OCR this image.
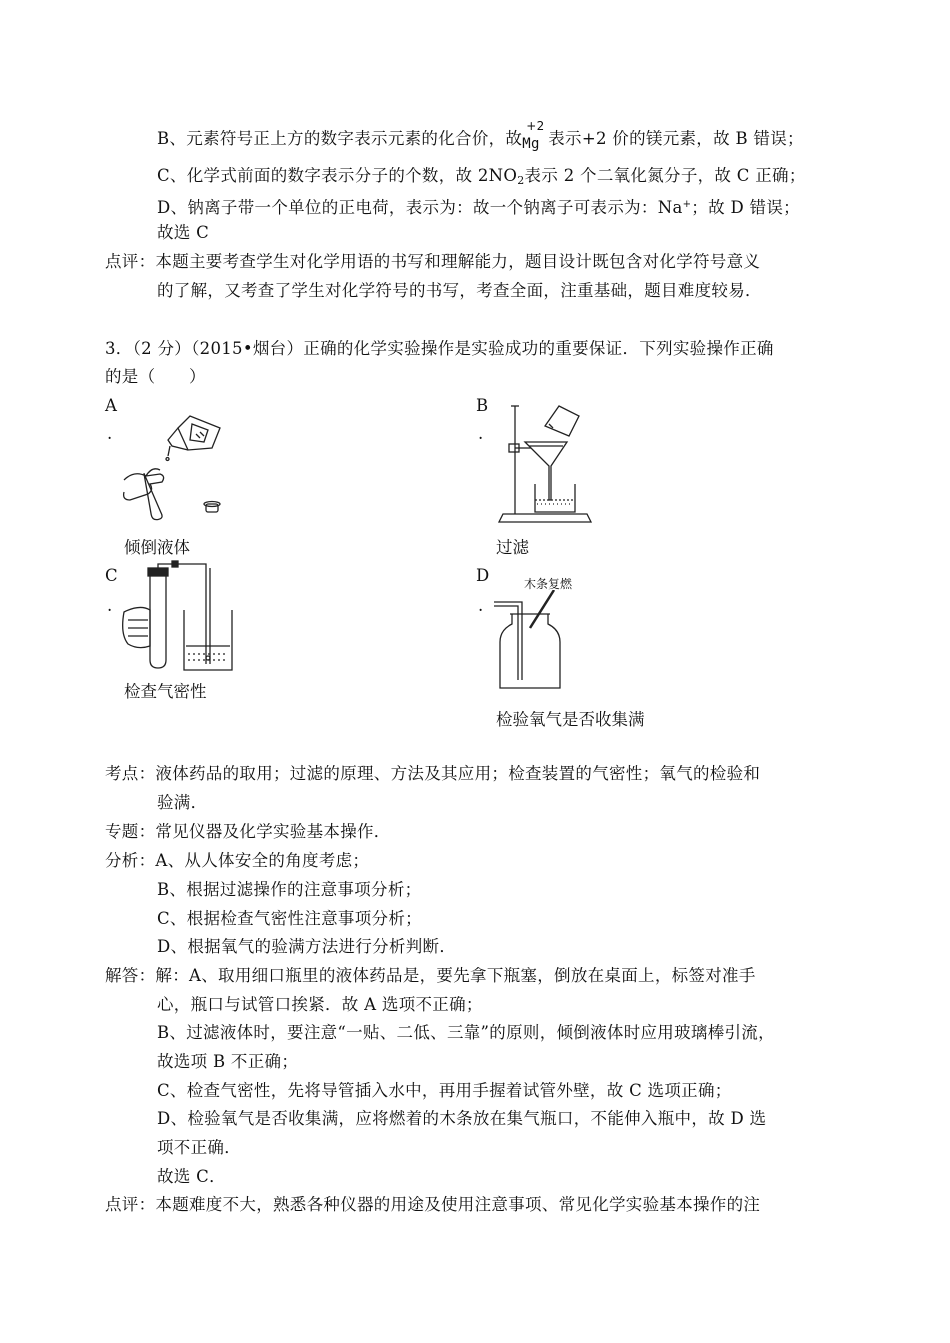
B、元素符号正上方的数字表示元素的化合价，故
+2
Mg 表示+2 价的镁元素，故 B 错误；
C、化学式前面的数字表示分子的个数，故 $2NO_2$表示 2 个二氧化氮分子，故 C 正确；
D、钠离子带一个单位的正电荷，表示为：故一个钠离子可表示为：Na+；故 D 错误；
故选 C
点评：本题主要考查学生对化学用语的书写和理解能力，题目设计既包含对化学符号意义
的了解，又考查了学生对化学符号的书写，考查全面，注重基础，题目难度较易．
3．（2 分）（2015•烟台）正确的化学实验操作是实验成功的重要保证．下列实验操作正确
的是（　　）
A
.
倾倒液体
B
.
过滤
C
.
检查气密性
D
.
木条复燃
检验氧气是否收集满
考点：液体药品的取用；过滤的原理、方法及其应用；检查装置的气密性；氧气的检验和
验满．
专题：常见仪器及化学实验基本操作．
分析：A、从人体安全的角度考虑；
B、根据过滤操作的注意事项分析；
C、根据检查气密性注意事项分析；
D、根据氧气的验满方法进行分析判断．
解答：解：A、取用细口瓶里的液体药品是，要先拿下瓶塞，倒放在桌面上，标签对准手
心，瓶口与试管口挨紧．故 A 选项不正确；
B、过滤液体时，要注意“一贴、二低、三靠”的原则，倾倒液体时应用玻璃棒引流，
故选项 B 不正确；
C、检查气密性，先将导管插入水中，再用手握着试管外壁，故 C 选项正确；
D、检验氧气是否收集满，应将燃着的木条放在集气瓶口，不能伸入瓶中，故 D 选
项不正确．
故选 C．
点评：本题难度不大，熟悉各种仪器的用途及使用注意事项、常见化学实验基本操作的注
